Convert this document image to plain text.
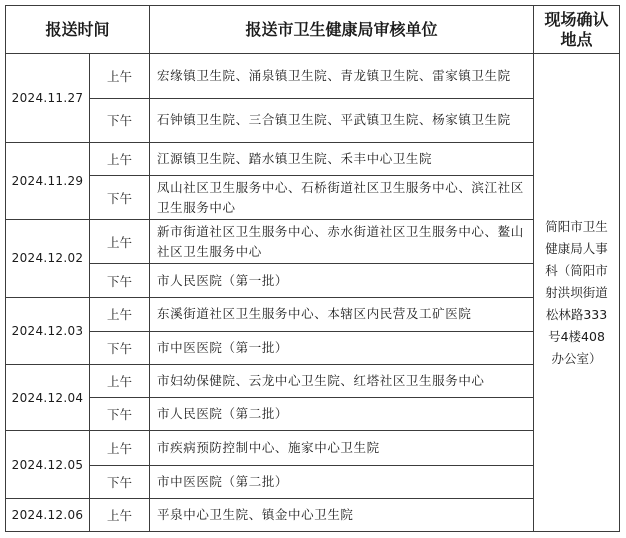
报送时间		报送市卫生健康局审核单位	现场确认地点
2024.11.27	上午	宏缘镇卫生院、涌泉镇卫生院、青龙镇卫生院、雷家镇卫生院	简阳市卫生健康局人事科（简阳市射洪坝街道松林路333号4楼408办公室）
	下午	石钟镇卫生院、三合镇卫生院、平武镇卫生院、杨家镇卫生院	
2024.11.29	上午	江源镇卫生院、踏水镇卫生院、禾丰中心卫生院	
	下午	凤山社区卫生服务中心、石桥街道社区卫生服务中心、滨江社区卫生服务中心	
2024.12.02	上午	新市街道社区卫生服务中心、赤水街道社区卫生服务中心、鳌山社区卫生服务中心	
	下午	市人民医院（第一批）	
2024.12.03	上午	东溪街道社区卫生服务中心、本辖区内民营及工矿医院	
	下午	市中医医院（第一批）	
2024.12.04	上午	市妇幼保健院、云龙中心卫生院、红塔社区卫生服务中心	
	下午	市人民医院（第二批）	
2024.12.05	上午	市疾病预防控制中心、施家中心卫生院	
	下午	市中医医院（第二批）	
2024.12.06	上午	平泉中心卫生院、镇金中心卫生院	
